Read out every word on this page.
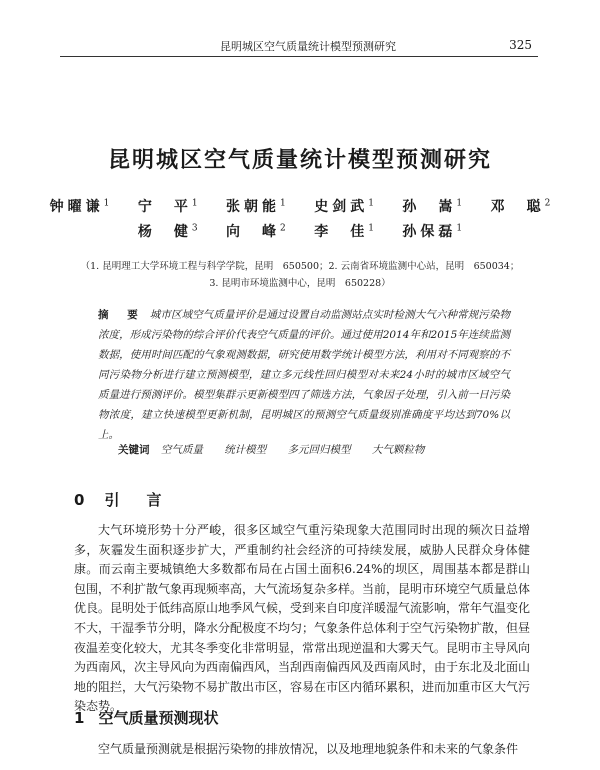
昆明城区空气质量统计模型预测研究	325
昆明城区空气质量统计模型预测研究
钟曜谦$^1$ 宁　平$^1$ 张朝能$^1$ 史剑武$^1$ 孙　嵩$^1$ 邓　聪$^2$
杨　健$^3$ 向　峰$^2$ 李　佳$^1$ 孙保磊$^1$
（1. 昆明理工大学环境工程与科学学院，昆明　650500；2. 云南省环境监测中心站，昆明　650034；
3. 昆明市环境监测中心，昆明　650228）
摘　要 城市区域空气质量评价是通过设置自动监测站点实时检测大气六种常规污染物浓度，形成污染物的综合评价代表空气质量的评价。通过使用2014年和2015年连续监测数据，使用时间匹配的气象观测数据，研究使用数学统计模型方法，利用对不同观察的不同污染物分析进行建立预测模型，建立多元线性回归模型对未来24小时的城市区域空气质量进行预测评价。模型集群示更新模型四了筛选方法，气象因子处理，引入前一日污染物浓度，建立快速模型更新机制，昆明城区的预测空气质量级别准确度平均达到70%以上。
关键词 空气质量 统计模型 多元回归模型 大气颗粒物
0 引　言
大气环境形势十分严峻，很多区域空气重污染现象大范围同时出现的频次日益增多，灰霾发生面积逐步扩大，严重制约社会经济的可持续发展，威胁人民群众身体健康。而云南主要城镇绝大多数都布局在占国土面积6.24%的坝区，周围基本都是群山包围，不利扩散气象再现频率高，大气流场复杂多样。当前，昆明市环境空气质量总体优良。昆明处于低纬高原山地季风气候，受到来自印度洋暖湿气流影响，常年气温变化不大，干湿季节分明，降水分配极度不均匀；气象条件总体利于空气污染物扩散，但昼夜温差变化较大，尤其冬季变化非常明显，常常出现逆温和大雾天气。昆明市主导风向为西南风，次主导风向为西南偏西风，当刮西南偏西风及西南风时，由于东北及北面山地的阻拦，大气污染物不易扩散出市区，容易在市区内循环累积，进而加重市区大气污染态势。
1 空气质量预测现状
空气质量预测就是根据污染物的排放情况，以及地理地貌条件和未来的气象条件
